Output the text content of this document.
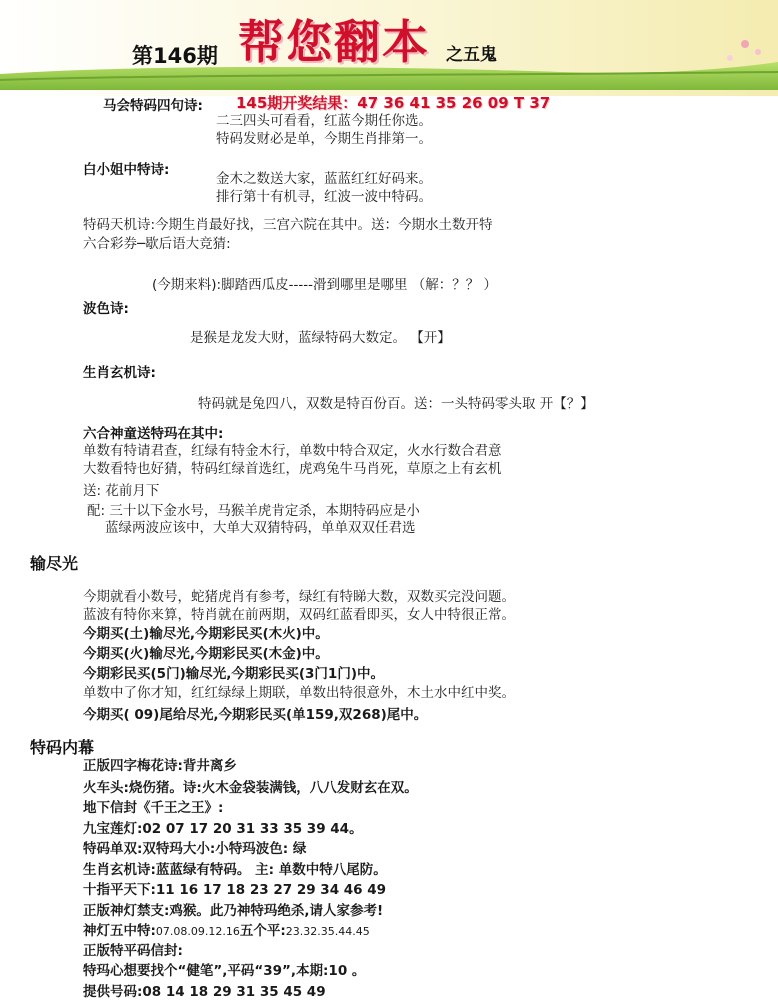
第146期 帮您翻本 之五鬼
马会特码四句诗: 145期开奖结果：47 36 41 35 26 09 T 37
二三四头可看看，红蓝今期任你选。
特码发财必是单，今期生肖排第一。
白小姐中特诗:
金木之数送大家，蓝蓝红红好码来。
排行第十有机寻，红波一波中特码。
特码天机诗:今期生肖最好找，三宫六院在其中。送：今期水土数开特
六合彩券─歇后语大竞猜:
(今期来料):脚踏西瓜皮-----滑到哪里是哪里 （解：？？ ）
波色诗:
是猴是龙发大财，蓝绿特码大数定。 【开】
生肖玄机诗:
特码就是兔四八，双数是特百份百。送：一头特码零头取 开【？】
六合神童送特玛在其中:
单数有特请君查，红绿有特金木行，单数中特合双定，火水行数合君意
大数看特也好猜，特码红绿首选红，虎鸡兔牛马肖死，草原之上有玄机
送: 花前月下
配: 三十以下金水号，马猴羊虎肯定杀，本期特码应是小
蓝绿两波应该中，大单大双猜特码，单单双双任君选
输尽光
今期就看小数号，蛇猪虎肖有参考，绿红有特睇大数，双数买完没问题。
蓝波有特你来算，特肖就在前两期，双码红蓝看即买，女人中特很正常。
今期买(土)输尽光,今期彩民买(木火)中。
今期买(火)输尽光,今期彩民买(木金)中。
今期彩民买(5门)输尽光,今期彩民买(3门1门)中。
单数中了你才知，红红绿绿上期联，单数出特很意外，木土水中红中奖。
今期买( 09)尾给尽光,今期彩民买(单159,双268)尾中。
特码内幕
正版四字梅花诗:背井离乡
火车头:烧伤猪。诗:火木金袋装满钱，八八发财玄在双。
地下信封《千王之王》:
九宝莲灯:02 07 17 20 31 33 35 39 44。
特码单双:双特玛大小:小特玛波色: 绿
生肖玄机诗:蓝蓝绿有特码。 主: 单数中特八尾防。
十指平天下:11 16 17 18 23 27 29 34 46 49
正版神灯禁支:鸡猴。此乃神特玛绝杀,请人家参考!
神灯五中特:07.08.09.12.16五个平:23.32.35.44.45
正版特平码信封:
特玛心想要找个“健笔”,平码“39”,本期:10 。
提供号码:08 14 18 29 31 35 45 49
